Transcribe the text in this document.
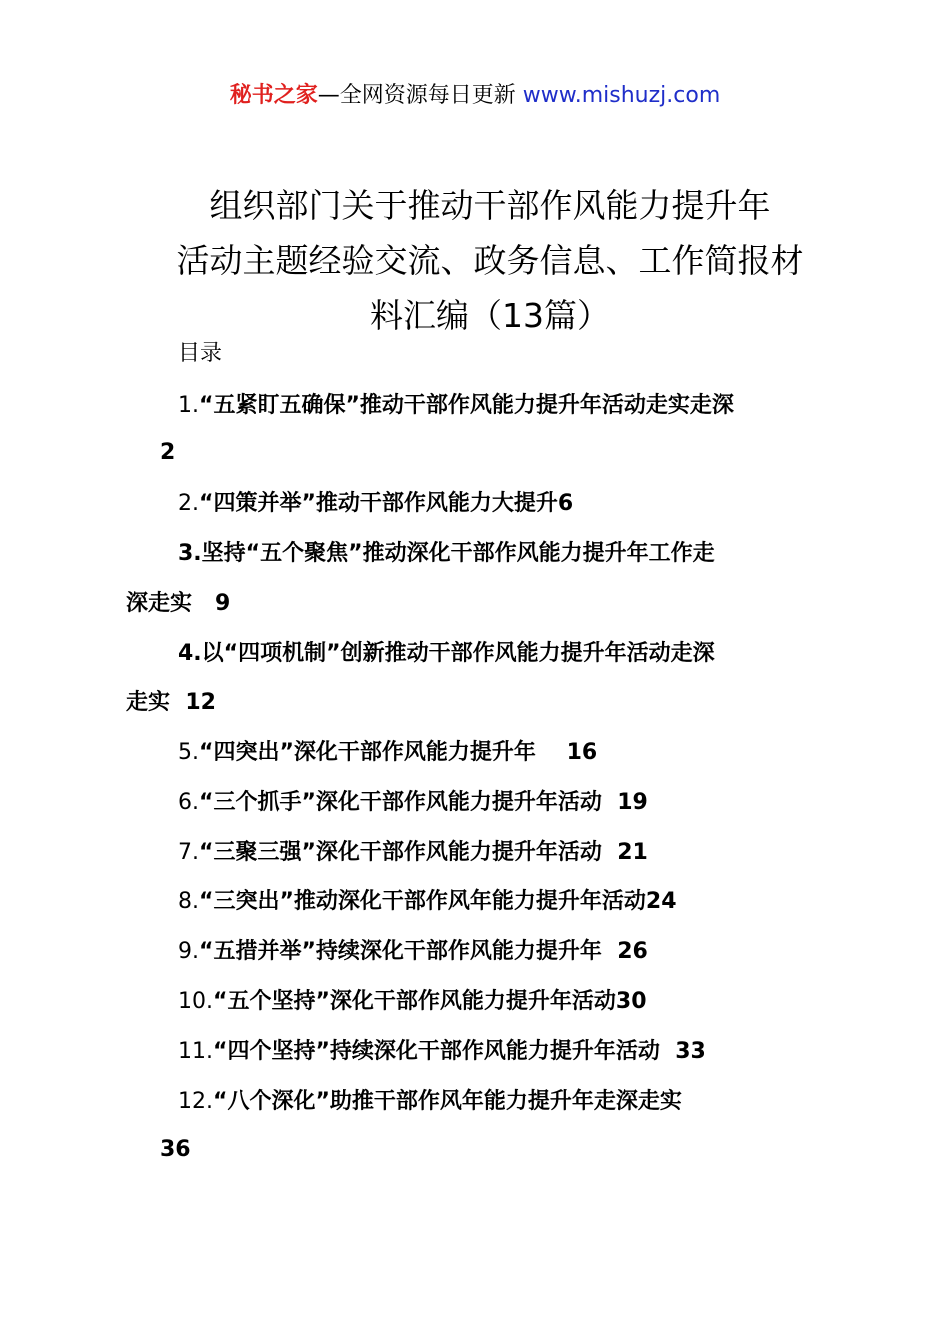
秘书之家—全网资源每日更新 www.mishuzj.com
组织部门关于推动干部作风能力提升年
活动主题经验交流、政务信息、工作简报材
料汇编（13篇）
目录
1.“五紧盯五确保”推动干部作风能力提升年活动走实走深
2
2.“四策并举”推动干部作风能力大提升6
3.坚持“五个聚焦”推动深化干部作风能力提升年工作走
深走实 9
4.以“四项机制”创新推动干部作风能力提升年活动走深
走实 12
5.“四突出”深化干部作风能力提升年 16
6.“三个抓手”深化干部作风能力提升年活动 19
7.“三聚三强”深化干部作风能力提升年活动 21
8.“三突出”推动深化干部作风年能力提升年活动24
9.“五措并举”持续深化干部作风能力提升年 26
10.“五个坚持”深化干部作风能力提升年活动30
11.“四个坚持”持续深化干部作风能力提升年活动 33
12.“八个深化”助推干部作风年能力提升年走深走实
36
